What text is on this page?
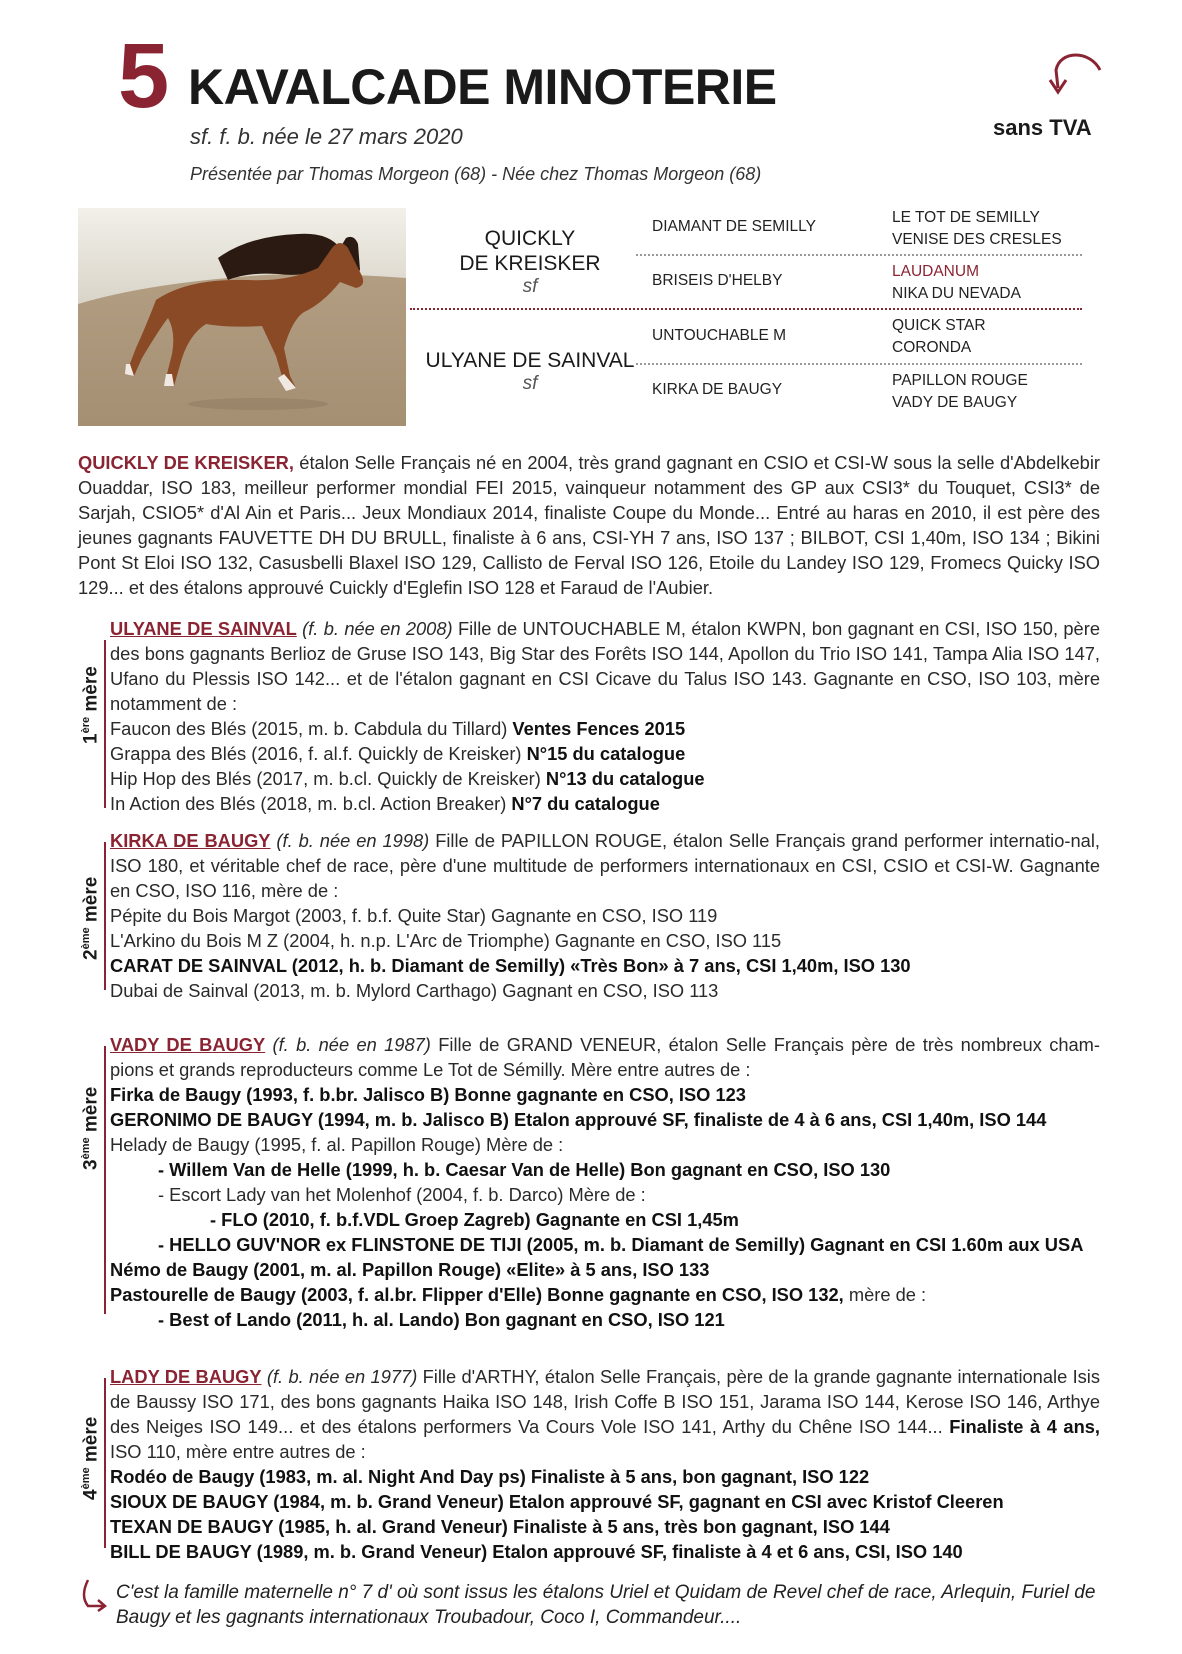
5 KAVALCADE MINOTERIE
sf. f. b. née le 27 mars 2020
Présentée par Thomas Morgeon (68) - Née chez Thomas Morgeon (68)
sans TVA
QUICKLY
DE KREISKER
sf
ULYANE DE SAINVAL
sf
DIAMANT DE SEMILLY
BRISEIS D'HELBY
UNTOUCHABLE M
KIRKA DE BAUGY
LE TOT DE SEMILLY
VENISE DES CRESLES
LAUDANUM
NIKA DU NEVADA
QUICK STAR
CORONDA
PAPILLON ROUGE
VADY DE BAUGY
QUICKLY DE KREISKER, étalon Selle Français né en 2004, très grand gagnant en CSIO et CSI-W sous la selle d'Abdelkebir Ouaddar, ISO 183, meilleur performer mondial FEI 2015, vainqueur notamment des GP aux CSI3* du Touquet, CSI3* de Sarjah, CSIO5* d'Al Ain et Paris... Jeux Mondiaux 2014, finaliste Coupe du Monde... Entré au haras en 2010, il est père des jeunes gagnants FAUVETTE DH DU BRULL, finaliste à 6 ans, CSI-YH 7 ans, ISO 137 ; BILBOT, CSI 1,40m, ISO 134 ; Bikini Pont St Eloi ISO 132, Casusbelli Blaxel ISO 129, Callisto de Ferval ISO 126, Etoile du Landey ISO 129, Fromecs Quicky ISO 129... et des étalons approuvé Cuickly d'Eglefin ISO 128 et Faraud de l'Aubier.
1ère mère

ULYANE DE SAINVAL (f. b. née en 2008) Fille de UNTOUCHABLE M, étalon KWPN, bon gagnant en CSI, ISO 150, père des bons gagnants Berlioz de Gruse ISO 143, Big Star des Forêts ISO 144, Apollon du Trio ISO 141, Tampa Alia ISO 147, Ufano du Plessis ISO 142... et de l'étalon gagnant en CSI Cicave du Talus ISO 143. Gagnante en CSO, ISO 103, mère notamment de :

Faucon des Blés (2015, m. b. Cabdula du Tillard) Ventes Fences 2015

Grappa des Blés (2016, f. al.f. Quickly de Kreisker) N°15 du catalogue

Hip Hop des Blés (2017, m. b.cl. Quickly de Kreisker) N°13 du catalogue

In Action des Blés (2018, m. b.cl. Action Breaker) N°7 du catalogue

2ème mère

KIRKA DE BAUGY (f. b. née en 1998) Fille de PAPILLON ROUGE, étalon Selle Français grand performer internatio-nal, ISO 180, et véritable chef de race, père d'une multitude de performers internationaux en CSI, CSIO et CSI-W. Gagnante en CSO, ISO 116, mère de :

Pépite du Bois Margot (2003, f. b.f. Quite Star) Gagnante en CSO, ISO 119

L'Arkino du Bois M Z (2004, h. n.p. L'Arc de Triomphe) Gagnante en CSO, ISO 115

CARAT DE SAINVAL (2012, h. b. Diamant de Semilly) «Très Bon» à 7 ans, CSI 1,40m, ISO 130

Dubai de Sainval (2013, m. b. Mylord Carthago) Gagnant en CSO, ISO 113

3ème mère

VADY DE BAUGY (f. b. née en 1987) Fille de GRAND VENEUR, étalon Selle Français père de très nombreux cham-pions et grands reproducteurs comme Le Tot de Sémilly. Mère entre autres de :

Firka de Baugy (1993, f. b.br. Jalisco B) Bonne gagnante en CSO, ISO 123

GERONIMO DE BAUGY (1994, m. b. Jalisco B) Etalon approuvé SF, finaliste de 4 à 6 ans, CSI 1,40m, ISO 144

Helady de Baugy (1995, f. al. Papillon Rouge) Mère de :

- Willem Van de Helle (1999, h. b. Caesar Van de Helle) Bon gagnant en CSO, ISO 130

- Escort Lady van het Molenhof (2004, f. b. Darco) Mère de :

- FLO (2010, f. b.f.VDL Groep Zagreb) Gagnante en CSI 1,45m

- HELLO GUV'NOR ex FLINSTONE DE TIJI (2005, m. b. Diamant de Semilly) Gagnant en CSI 1.60m aux USA

Némo de Baugy (2001, m. al. Papillon Rouge) «Elite» à 5 ans, ISO 133

Pastourelle de Baugy (2003, f. al.br. Flipper d'Elle) Bonne gagnante en CSO, ISO 132, mère de :

- Best of Lando (2011, h. al. Lando) Bon gagnant en CSO, ISO 121

4ème mère

LADY DE BAUGY (f. b. née en 1977) Fille d'ARTHY, étalon Selle Français, père de la grande gagnante internationale Isis de Baussy ISO 171, des bons gagnants Haika ISO 148, Irish Coffe B ISO 151, Jarama ISO 144, Kerose ISO 146, Arthye des Neiges ISO 149... et des étalons performers Va Cours Vole ISO 141, Arthy du Chêne ISO 144... Finaliste à 4 ans, ISO 110, mère entre autres de :

Rodéo de Baugy (1983, m. al. Night And Day ps) Finaliste à 5 ans, bon gagnant, ISO 122

SIOUX DE BAUGY (1984, m. b. Grand Veneur) Etalon approuvé SF, gagnant en CSI avec Kristof Cleeren

TEXAN DE BAUGY (1985, h. al. Grand Veneur) Finaliste à 5 ans, très bon gagnant, ISO 144

BILL DE BAUGY (1989, m. b. Grand Veneur) Etalon approuvé SF, finaliste à 4 et 6 ans, CSI, ISO 140

C'est la famille maternelle n° 7 d' où sont issus les étalons Uriel et Quidam de Revel chef de race, Arlequin, Furiel de Baugy et les gagnants internationaux Troubadour, Coco I, Commandeur....
